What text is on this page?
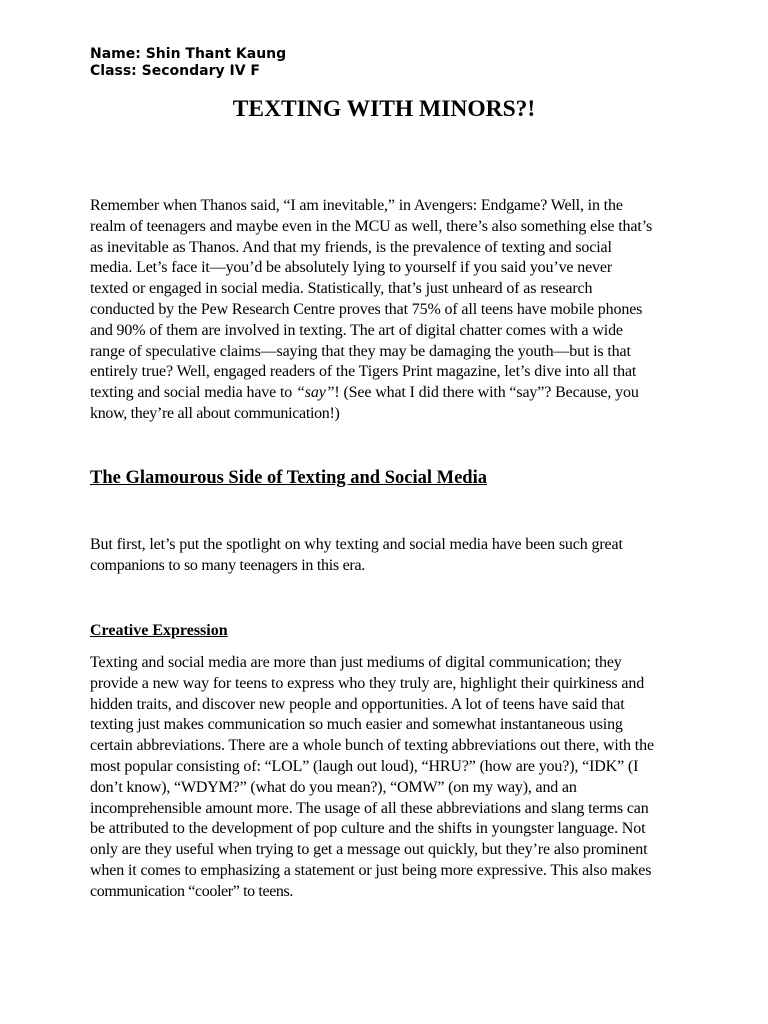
Name: Shin Thant Kaung
Class: Secondary IV F
TEXTING WITH MINORS?!

Remember when Thanos said, “I am inevitable,” in Avengers: Endgame? Well, in the
realm of teenagers and maybe even in the MCU as well, there’s also something else that’s
as inevitable as Thanos. And that my friends, is the prevalence of texting and social
media. Let’s face it—you’d be absolutely lying to yourself if you said you’ve never
texted or engaged in social media. Statistically, that’s just unheard of as research
conducted by the Pew Research Centre proves that 75% of all teens have mobile phones
and 90% of them are involved in texting. The art of digital chatter comes with a wide
range of speculative claims—saying that they may be damaging the youth—but is that
entirely true? Well, engaged readers of the Tigers Print magazine, let’s dive into all that
texting and social media have to “say”! (See what I did there with “say”? Because, you
know, they’re all about communication!)

The Glamourous Side of Texting and Social Media

But first, let’s put the spotlight on why texting and social media have been such great
companions to so many teenagers in this era.

Creative Expression

Texting and social media are more than just mediums of digital communication; they
provide a new way for teens to express who they truly are, highlight their quirkiness and
hidden traits, and discover new people and opportunities. A lot of teens have said that
texting just makes communication so much easier and somewhat instantaneous using
certain abbreviations. There are a whole bunch of texting abbreviations out there, with the
most popular consisting of: “LOL” (laugh out loud), “HRU?” (how are you?), “IDK” (I
don’t know), “WDYM?” (what do you mean?), “OMW” (on my way), and an
incomprehensible amount more. The usage of all these abbreviations and slang terms can
be attributed to the development of pop culture and the shifts in youngster language. Not
only are they useful when trying to get a message out quickly, but they’re also prominent
when it comes to emphasizing a statement or just being more expressive. This also makes
communication “cooler” to teens.
